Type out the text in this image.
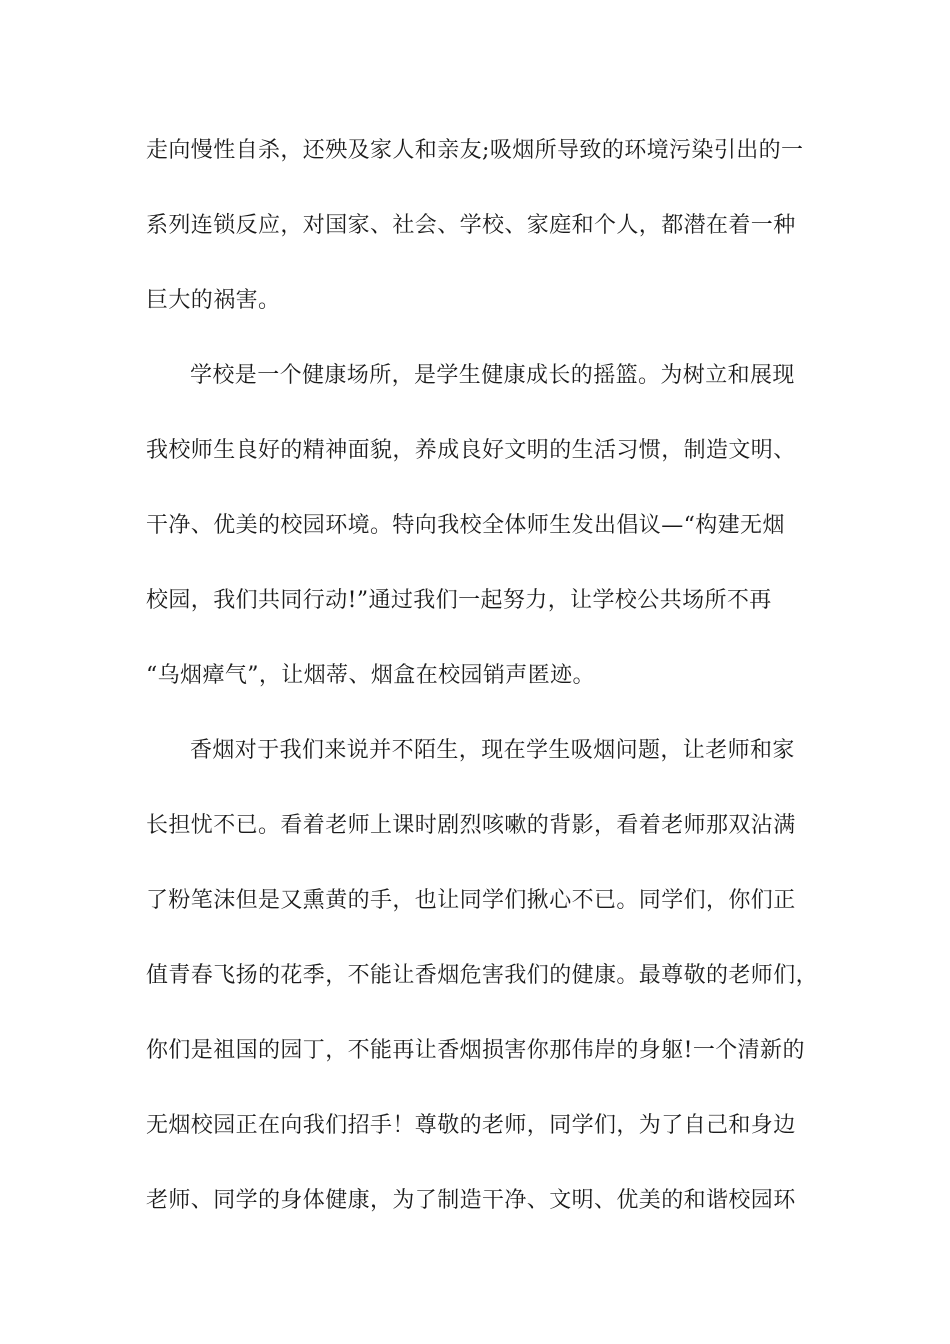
走向慢性自杀，还殃及家人和亲友;吸烟所导致的环境污染引出的一
系列连锁反应，对国家、社会、学校、家庭和个人，都潜在着一种
巨大的祸害。
学校是一个健康场所，是学生健康成长的摇篮。为树立和展现
我校师生良好的精神面貌，养成良好文明的生活习惯，制造文明、
干净、优美的校园环境。特向我校全体师生发出倡议—“构建无烟
校园，我们共同行动!”通过我们一起努力，让学校公共场所不再
“乌烟瘴气”，让烟蒂、烟盒在校园销声匿迹。
香烟对于我们来说并不陌生，现在学生吸烟问题，让老师和家
长担忧不已。看着老师上课时剧烈咳嗽的背影，看着老师那双沾满
了粉笔沫但是又熏黄的手，也让同学们揪心不已。同学们，你们正
值青春飞扬的花季，不能让香烟危害我们的健康。最尊敬的老师们，
你们是祖国的园丁，不能再让香烟损害你那伟岸的身躯!一个清新的
无烟校园正在向我们招手！尊敬的老师，同学们，为了自己和身边
老师、同学的身体健康，为了制造干净、文明、优美的和谐校园环
